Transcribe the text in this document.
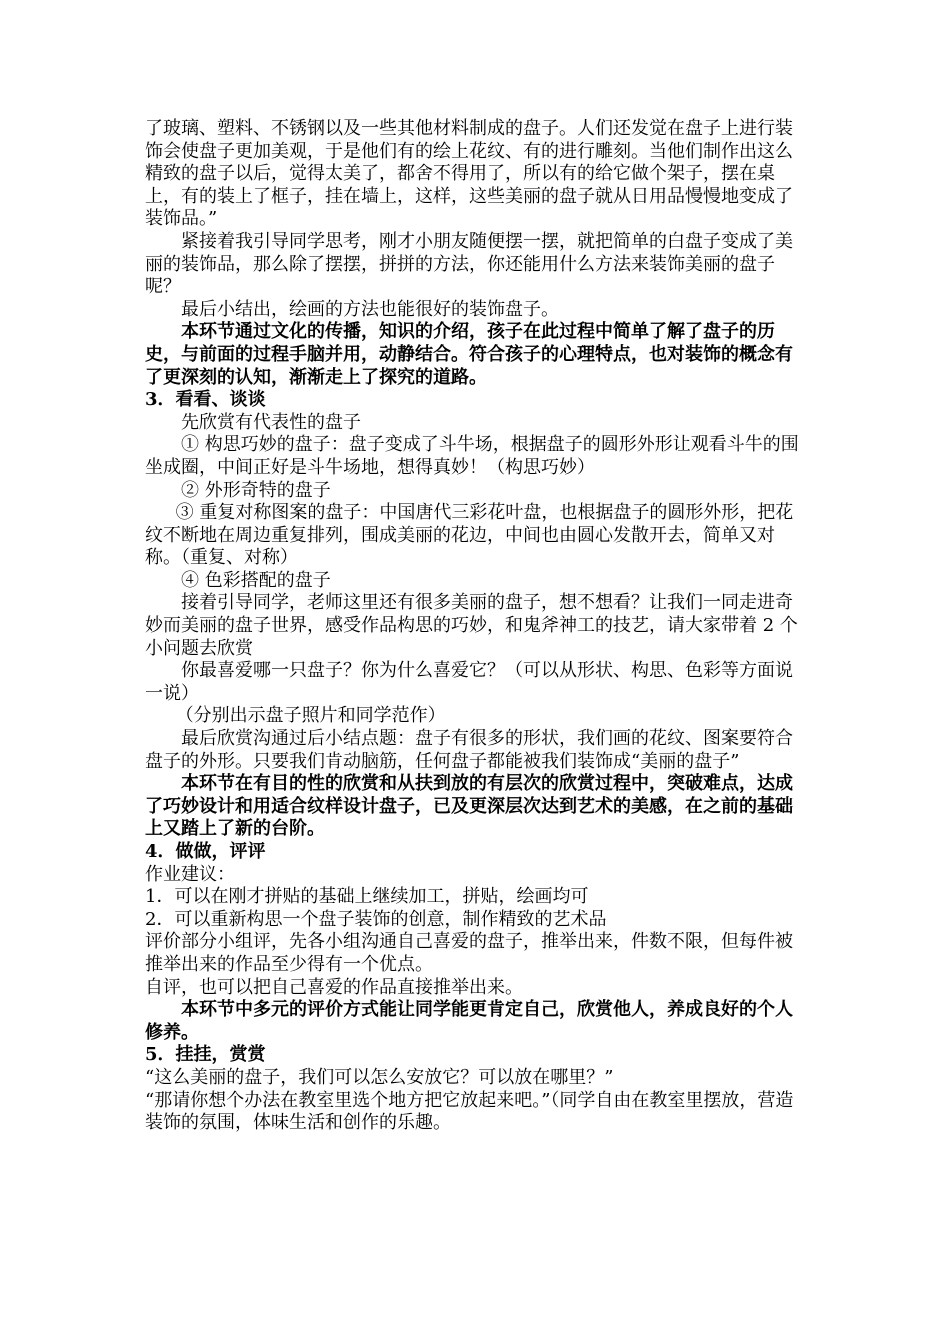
了玻璃、塑料、不锈钢以及一些其他材料制成的盘子。人们还发觉在盘子上进行装饰会使盘子更加美观，于是他们有的绘上花纹、有的进行雕刻。当他们制作出这么精致的盘子以后，觉得太美了，都舍不得用了，所以有的给它做个架子，摆在桌上，有的装上了框子，挂在墙上，这样，这些美丽的盘子就从日用品慢慢地变成了装饰品。”

紧接着我引导同学思考，刚才小朋友随便摆一摆，就把简单的白盘子变成了美丽的装饰品，那么除了摆摆，拼拼的方法，你还能用什么方法来装饰美丽的盘子呢？

最后小结出，绘画的方法也能很好的装饰盘子。

本环节通过文化的传播，知识的介绍，孩子在此过程中简单了解了盘子的历史，与前面的过程手脑并用，动静结合。符合孩子的心理特点，也对装饰的概念有了更深刻的认知，渐渐走上了探究的道路。

3．看看、谈谈

先欣赏有代表性的盘子

① 构思巧妙的盘子：盘子变成了斗牛场，根据盘子的圆形外形让观看斗牛的围坐成圈，中间正好是斗牛场地，想得真妙！（构思巧妙）

② 外形奇特的盘子

③ 重复对称图案的盘子：中国唐代三彩花叶盘，也根据盘子的圆形外形，把花纹不断地在周边重复排列，围成美丽的花边，中间也由圆心发散开去，简单又对称。（重复、对称）

④ 色彩搭配的盘子

接着引导同学，老师这里还有很多美丽的盘子，想不想看？让我们一同走进奇妙而美丽的盘子世界，感受作品构思的巧妙，和鬼斧神工的技艺，请大家带着 2 个小问题去欣赏

你最喜爱哪一只盘子？你为什么喜爱它？（可以从形状、构思、色彩等方面说一说）

（分别出示盘子照片和同学范作）

最后欣赏沟通过后小结点题：盘子有很多的形状，我们画的花纹、图案要符合盘子的外形。只要我们肯动脑筋，任何盘子都能被我们装饰成“美丽的盘子”

本环节在有目的性的欣赏和从扶到放的有层次的欣赏过程中，突破难点，达成了巧妙设计和用适合纹样设计盘子，已及更深层次达到艺术的美感，在之前的基础上又踏上了新的台阶。

4．做做，评评

作业建议：

1．可以在刚才拼贴的基础上继续加工，拼贴，绘画均可

2．可以重新构思一个盘子装饰的创意，制作精致的艺术品

评价部分小组评，先各小组沟通自己喜爱的盘子，推举出来，件数不限，但每件被推举出来的作品至少得有一个优点。

自评，也可以把自己喜爱的作品直接推举出来。

本环节中多元的评价方式能让同学能更肯定自己，欣赏他人，养成良好的个人修养。

5．挂挂，赏赏

“这么美丽的盘子，我们可以怎么安放它？可以放在哪里？”

“那请你想个办法在教室里选个地方把它放起来吧。”（同学自由在教室里摆放，营造装饰的氛围，体味生活和创作的乐趣。
